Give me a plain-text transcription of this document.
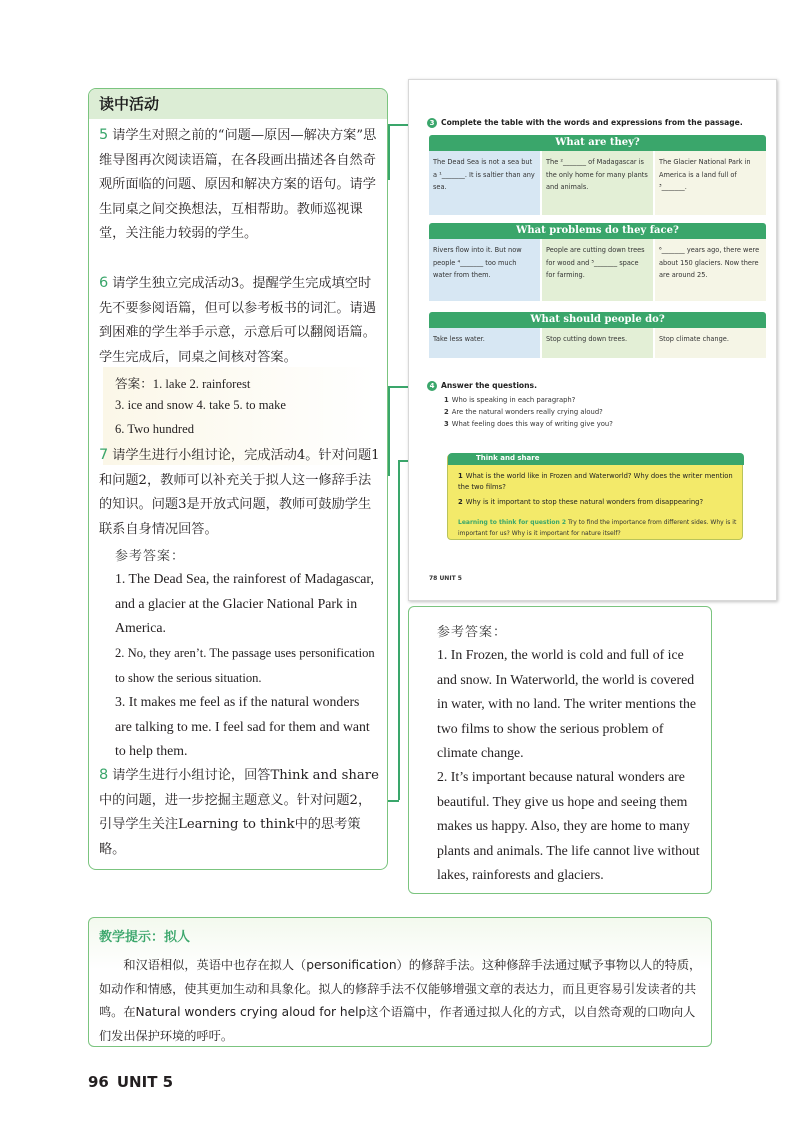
读中活动
5 请学生对照之前的“问题—原因—解决方案”思维导图再次阅读语篇，在各段画出描述各自然奇观所面临的问题、原因和解决方案的语句。请学生同桌之间交换想法，互相帮助。教师巡视课堂，关注能力较弱的学生。
6 请学生独立完成活动3。提醒学生完成填空时先不要参阅语篇，但可以参考板书的词汇。请遇到困难的学生举手示意，示意后可以翻阅语篇。学生完成后，同桌之间核对答案。
答案：1. lake 2. rainforest
3. ice and snow 4. take 5. to make
6. Two hundred
7 请学生进行小组讨论，完成活动4。针对问题1和问题2，教师可以补充关于拟人这一修辞手法的知识。问题3是开放式问题，教师可鼓励学生联系自身情况回答。
参考答案：
1. The Dead Sea, the rainforest of Madagascar, and a glacier at the Glacier National Park in America.
2. No, they aren’t. The passage uses personification to show the serious situation.
3. It makes me feel as if the natural wonders are talking to me. I feel sad for them and want to help them.
8 请学生进行小组讨论，回答Think and share中的问题，进一步挖掘主题意义。针对问题2，引导学生关注Learning to think中的思考策略。
3 Complete the table with the words and expressions from the passage.
What are they?
The Dead Sea is not a sea but a ¹_______. It is saltier than any sea.
The ²_______ of Madagascar is the only home for many plants and animals.
The Glacier National Park in America is a land full of ³_______.
What problems do they face?
Rivers flow into it. But now people ⁴_______ too much water from them.
People are cutting down trees for wood and ⁵_______ space for farming.
⁶_______ years ago, there were about 150 glaciers. Now there are around 25.
What should people do?
Take less water.	Stop cutting down trees.	Stop climate change.
4 Answer the questions.
1 Who is speaking in each paragraph?
2 Are the natural wonders really crying aloud?
3 What feeling does this way of writing give you?
Think and share
1 What is the world like in Frozen and Waterworld? Why does the writer mention the two films?
2 Why is it important to stop these natural wonders from disappearing?
Learning to think for question 2 Try to find the importance from different sides. Why is it important for us? Why is it important for nature itself?
78 UNIT 5
参考答案：
1. In Frozen, the world is cold and full of ice and snow. In Waterworld, the world is covered in water, with no land. The writer mentions the two films to show the serious problem of climate change.
2. It’s important because natural wonders are beautiful. They give us hope and seeing them makes us happy. Also, they are home to many plants and animals. The life cannot live without lakes, rainforests and glaciers.
教学提示：拟人
和汉语相似，英语中也存在拟人（personification）的修辞手法。这种修辞手法通过赋予事物以人的特质，如动作和情感，使其更加生动和具象化。拟人的修辞手法不仅能够增强文章的表达力，而且更容易引发读者的共鸣。在Natural wonders crying aloud for help这个语篇中，作者通过拟人化的方式，以自然奇观的口吻向人们发出保护环境的呼吁。
96 UNIT 5
